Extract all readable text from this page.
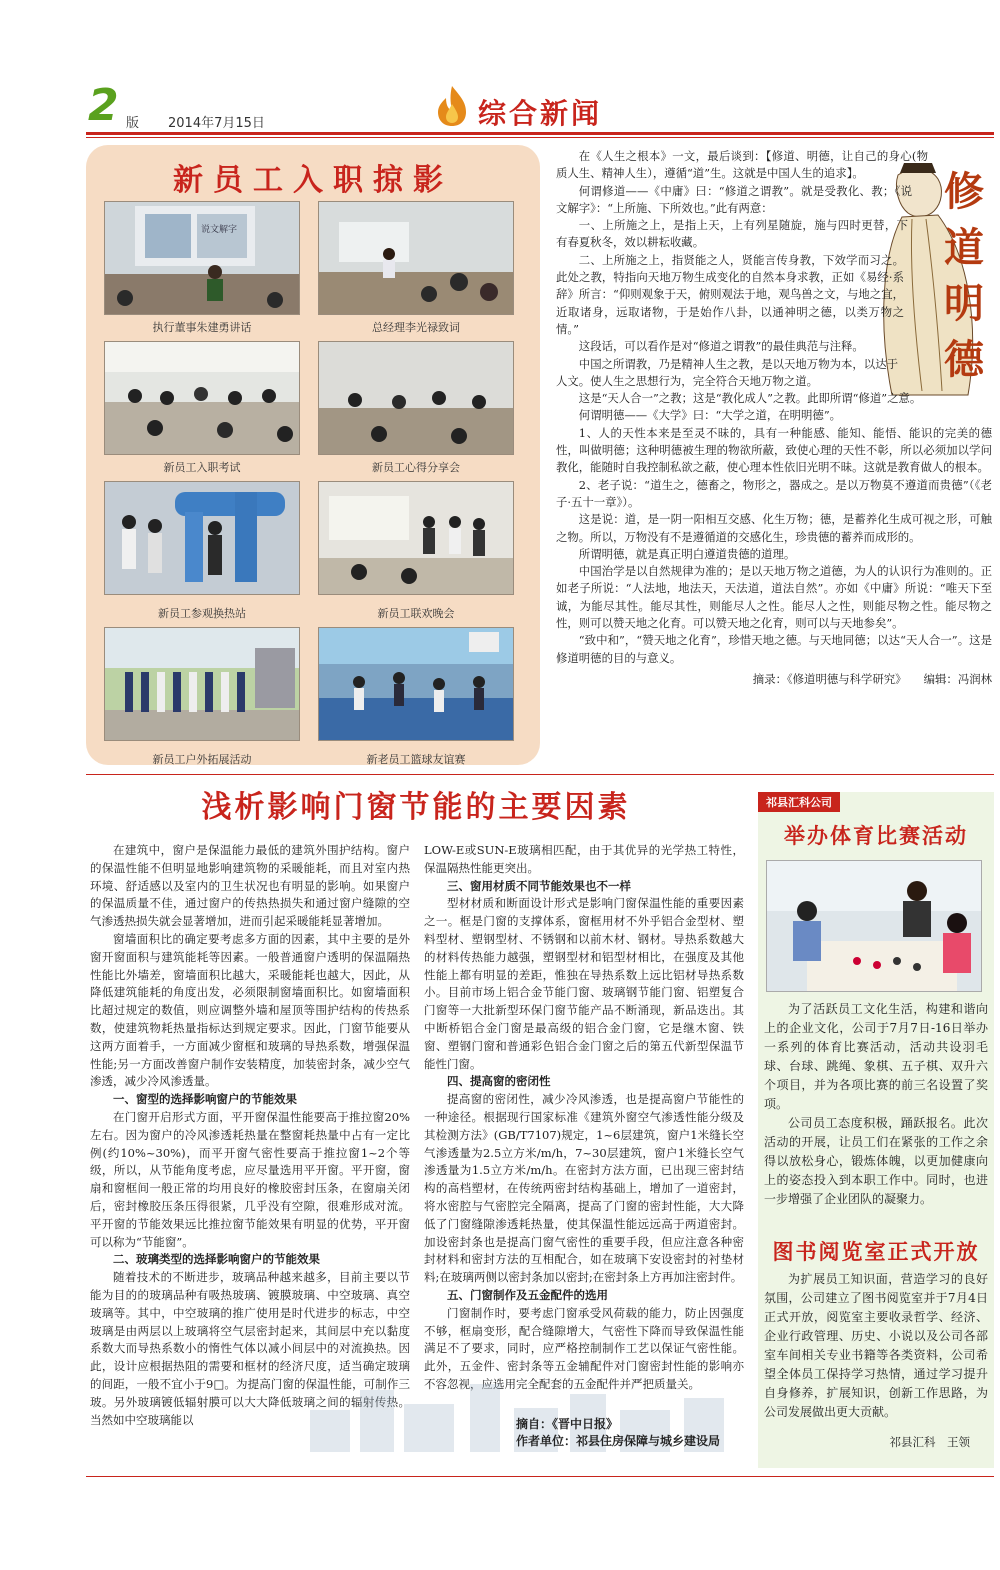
2 版 2014年7月15日	综合新闻
新员工入职掠影
说文解字
执行董事朱建勇讲话	总经理李光禄致词
新员工入职考试	新员工心得分享会
新员工参观换热站	新员工联欢晚会
新员工户外拓展活动	新老员工篮球友谊赛
修
道
明
德

在《人生之根本》一文，最后谈到：【修道、明德，让自己的身心(物质人生、精神人生），遵循“道”生。这就是中国人生的追求】。

何谓修道——《中庸》曰：“修道之谓教”。就是受教化、教；《说文解字》：“上所施、下所效也。”此有两意：

一、上所施之上，是指上天，上有列星随旋，施与四时更替，下有春夏秋冬，效以耕耘收藏。

二、上所施之上，指贤能之人，贤能言传身教，下效学而习之。此处之教，特指向天地万物生成变化的自然本身求教，正如《易经·系辞》所言：“仰则观象于天，俯则观法于地，观鸟兽之文，与地之宜，近取诸身，远取诸物，于是始作八卦，以通神明之德，以类万物之情。”

这段话，可以看作是对“修道之谓教”的最佳典范与注释。

中国之所谓教，乃是精神人生之教，是以天地万物为本，以达于人文。使人生之思想行为，完全符合天地万物之道。

这是“天人合一”之教；这是“教化成人”之教。此即所谓“修道”之意。

何谓明德——《大学》曰：“大学之道，在明明德”。

1、人的天性本来是至灵不昧的，具有一种能感、能知、能悟、能识的完美的德性，叫做明德；这种明德被生理的物欲所蔽，致使心理的天性不彰，所以必须加以学问教化，能随时自我控制私欲之蔽，使心理本性依旧光明不昧。这就是教育做人的根本。

2、老子说：“道生之，德畜之，物形之，器成之。是以万物莫不遵道而贵德”（《老子·五十一章》）。

这是说：道，是一阴一阳相互交感、化生万物；德，是蓄养化生成可视之形，可触之物。所以，万物没有不是遵循道的交感化生，珍贵德的蓄养而成形的。

所谓明德，就是真正明白遵道贵德的道理。

中国治学是以自然规律为准的；是以天地万物之道德，为人的认识行为准则的。正如老子所说：“人法地，地法天，天法道，道法自然”。亦如《中庸》所说：“唯天下至诚，为能尽其性。能尽其性，则能尽人之性。能尽人之性，则能尽物之性。能尽物之性，则可以赞天地之化育。可以赞天地之化育，则可以与天地参矣”。

“致中和”，“赞天地之化育”，珍惜天地之德。与天地同德；以达“天人合一”。这是修道明德的目的与意义。

摘录：《修道明德与科学研究》　　编辑：冯润林
浅析影响门窗节能的主要因素

在建筑中，窗户是保温能力最低的建筑外围护结构。窗户的保温性能不但明显地影响建筑物的采暖能耗，而且对室内热环境、舒适感以及室内的卫生状况也有明显的影响。如果窗户的保温质量不佳，通过窗户的传热热损失和通过窗户缝隙的空气渗透热损失就会显著增加，进而引起采暖能耗显著增加。

窗墙面积比的确定要考虑多方面的因素，其中主要的是外窗开窗面积与建筑能耗等因素。一般普通窗户透明的保温隔热性能比外墙差，窗墙面积比越大，采暖能耗也越大，因此，从降低建筑能耗的角度出发，必须限制窗墙面积比。如窗墙面积比超过规定的数值，则应调整外墙和屋顶等围护结构的传热系数，使建筑物耗热量指标达到规定要求。因此，门窗节能要从这两方面着手，一方面减少窗框和玻璃的导热系数，增强保温性能;另一方面改善窗户制作安装精度，加装密封条，减少空气渗透，减少冷风渗透量。

一、窗型的选择影响窗户的节能效果

在门窗开启形式方面，平开窗保温性能要高于推拉窗20%左右。因为窗户的冷风渗透耗热量在整窗耗热量中占有一定比例(约10%~30%)，而平开窗气密性要高于推拉窗1~2个等级，所以，从节能角度考虑，应尽量选用平开窗。平开窗，窗扇和窗框间一般正常的均用良好的橡胶密封压条，在窗扇关闭后，密封橡胶压条压得很紧，几乎没有空隙，很难形成对流。平开窗的节能效果远比推拉窗节能效果有明显的优势，平开窗可以称为“节能窗”。

二、玻璃类型的选择影响窗户的节能效果

随着技术的不断进步，玻璃品种越来越多，目前主要以节能为目的的玻璃品种有吸热玻璃、镀膜玻璃、中空玻璃、真空玻璃等。其中，中空玻璃的推广使用是时代进步的标志，中空玻璃是由两层以上玻璃将空气层密封起来，其间层中充以黏度系数大而导热系数小的惰性气体以减小间层中的对流换热。因此，设计应根据热阻的需要和框材的经济尺度，适当确定玻璃的间距，一般不宜小于9□。为提高门窗的保温性能，可制作三玻。另外玻璃镀低辐射膜可以大大降低玻璃之间的辐射传热。当然如中空玻璃能以

LOW-E或SUN-E玻璃相匹配，由于其优异的光学热工特性，保温隔热性能更突出。

三、窗用材质不同节能效果也不一样

型材材质和断面设计形式是影响门窗保温性能的重要因素之一。框是门窗的支撑体系，窗框用材不外乎铝合金型材、塑料型材、塑钢型材、不锈钢和以前木材、钢材。导热系数越大的材料传热能力越强，塑钢型材和铝型材相比，在强度及其他性能上都有明显的差距，惟独在导热系数上远比铝材导热系数小。目前市场上铝合金节能门窗、玻璃钢节能门窗、铝塑复合门窗等一大批新型环保门窗节能产品不断涌现，新品迭出。其中断桥铝合金门窗是最高级的铝合金门窗，它是继木窗、铁窗、塑钢门窗和普通彩色铝合金门窗之后的第五代新型保温节能性门窗。

四、提高窗的密闭性

提高窗的密闭性，减少冷风渗透，也是提高窗户节能性的一种途径。根据现行国家标准《建筑外窗空气渗透性能分级及其检测方法》(GB/T7107)规定，1~6层建筑，窗户1米缝长空气渗透量为2.5立方米/m/h，7~30层建筑，窗户1米缝长空气渗透量为1.5立方米/m/h。在密封方法方面，已出现三密封结构的高档塑材，在传统两密封结构基础上，增加了一道密封，将水密腔与气密腔完全隔离，提高了门窗的密封性能，大大降低了门窗缝隙渗透耗热量，使其保温性能远远高于两道密封。加设密封条也是提高门窗气密性的重要手段，但应注意各种密封材料和密封方法的互相配合，如在玻璃下安设密封的衬垫材料;在玻璃两侧以密封条加以密封;在密封条上方再加注密封件。

五、门窗制作及五金配件的选用

门窗制作时，要考虑门窗承受风荷载的能力，防止因强度不够，框扇变形，配合缝隙增大，气密性下降而导致保温性能满足不了要求，同时，应严格控制制作工艺以保证气密性能。此外，五金件、密封条等五金辅配件对门窗密封性能的影响亦不容忽视，应选用完全配套的五金配件并严把质量关。

摘自：《晋中日报》
作者单位：祁县住房保障与城乡建设局
祁县汇科公司
举办体育比赛活动

为了活跃员工文化生活，构建和谐向上的企业文化，公司于7月7日-16日举办一系列的体育比赛活动，活动共设羽毛球、台球、跳绳、象棋、五子棋、双升六个项目，并为各项比赛的前三名设置了奖项。

公司员工态度积极，踊跃报名。此次活动的开展，让员工们在紧张的工作之余得以放松身心，锻炼体魄，以更加健康向上的姿态投入到本职工作中。同时，也进一步增强了企业团队的凝聚力。

图书阅览室正式开放

为扩展员工知识面，营造学习的良好氛围，公司建立了图书阅览室并于7月4日正式开放，阅览室主要收录哲学、经济、企业行政管理、历史、小说以及公司各部室车间相关专业书籍等各类资料，公司希望全体员工保持学习热情，通过学习提升自身修养，扩展知识，创新工作思路，为公司发展做出更大贡献。

祁县汇科　王领
